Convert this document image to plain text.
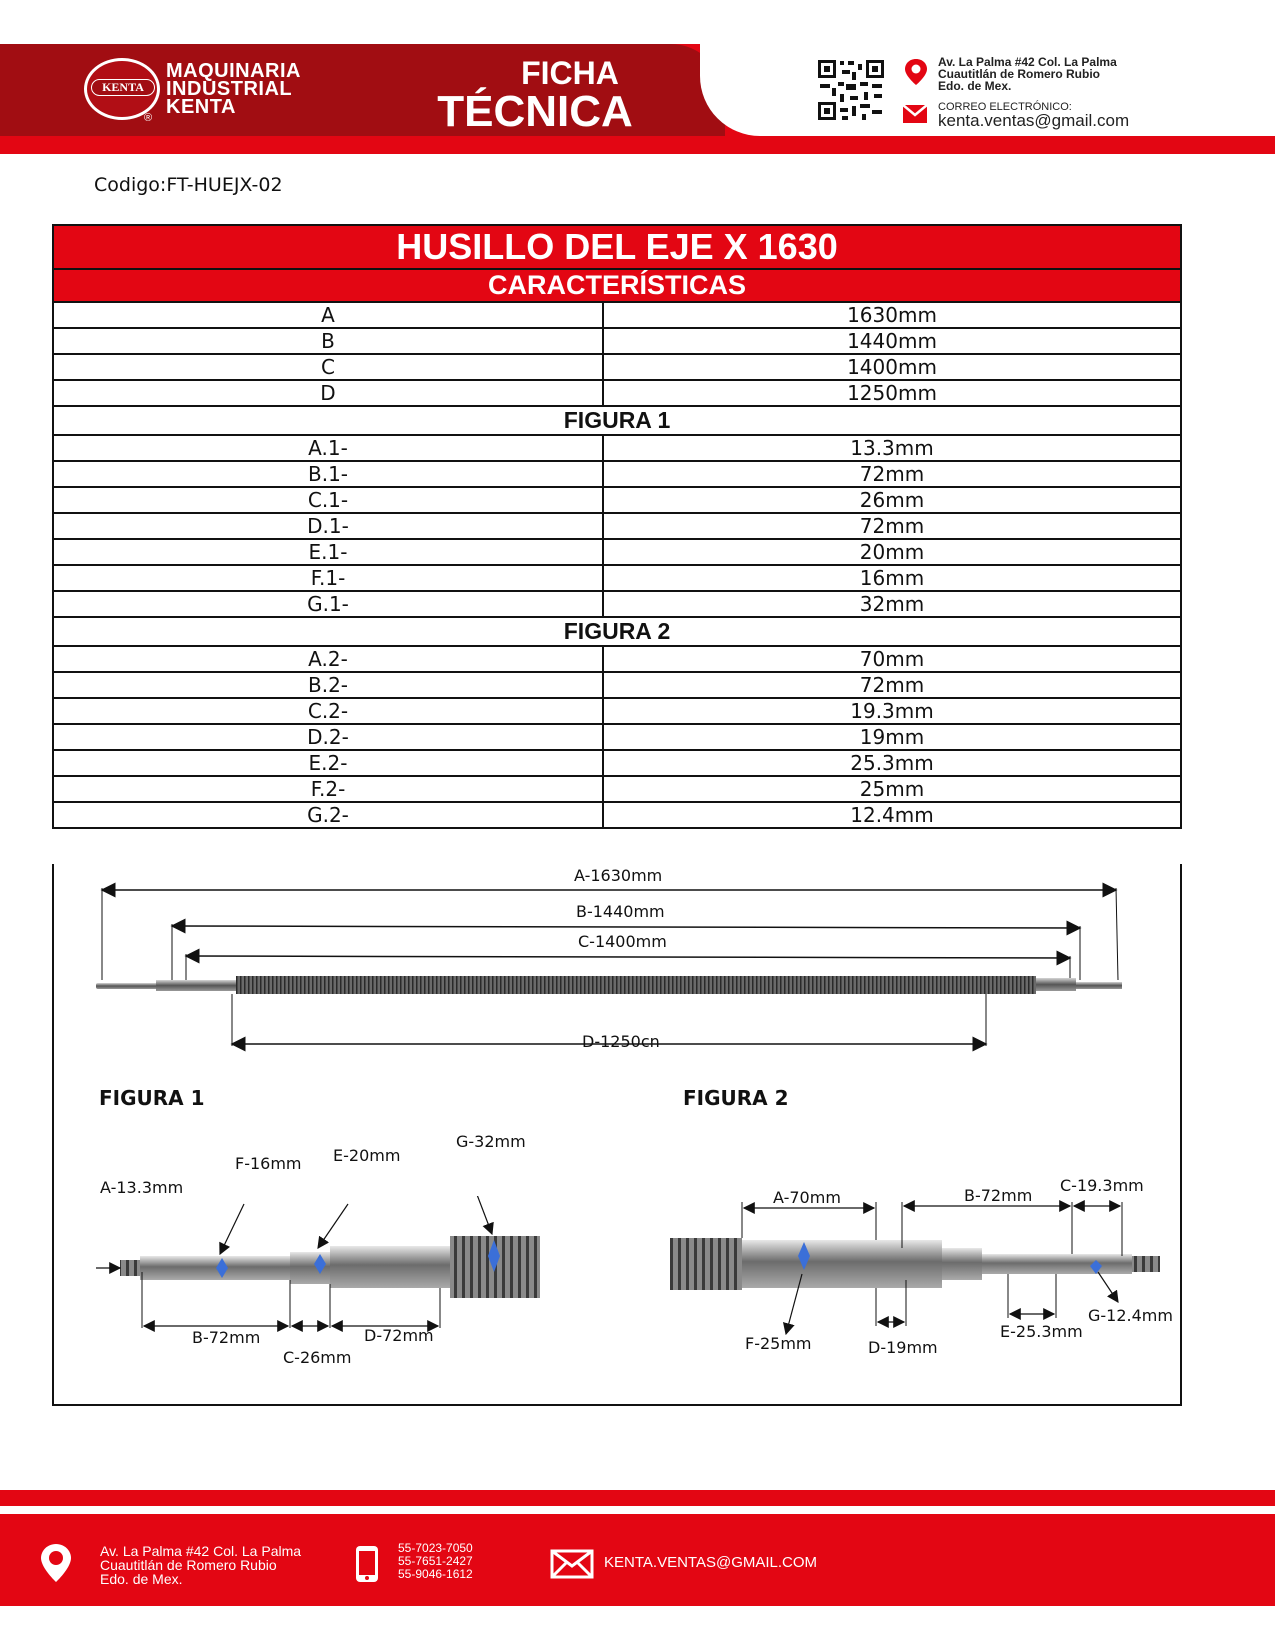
KENTA
®
MAQUINARIA
INDUSTRIAL
KENTA
FICHA
TÉCNICA
Av. La Palma #42 Col. La Palma
Cuautitlán de Romero Rubio
Edo. de Mex.
CORREO ELECTRÓNICO:
kenta.ventas@gmail.com
Codigo:FT-HUEJX-02
HUSILLO DEL EJE X 1630	
CARACTERÍSTICAS	
A	1630mm
B	1440mm
C	1400mm
D	1250mm
FIGURA 1	
A.1-	13.3mm
B.1-	72mm
C.1-	26mm
D.1-	72mm
E.1-	20mm
F.1-	16mm
G.1-	32mm
FIGURA 2	
A.2-	70mm
B.2-	72mm
C.2-	19.3mm
D.2-	19mm
E.2-	25.3mm
F.2-	25mm
G.2-	12.4mm
A-1630mm
B-1440mm
C-1400mm
D-1250cn
FIGURA 1
A-13.3mm
F-16mm E-20mm
G-32mm
B-72mm	D-72mm
C-26mm
FIGURA 2
A-70mm	B-72mm
C-19.3mm
G-12.4mm
E-25.3mm
F-25mm	D-19mm
Av. La Palma #42 Col. La Palma
Cuautitlán de Romero Rubio
Edo. de Mex.
55-7023-7050
55-7651-2427
55-9046-1612
KENTA.VENTAS@GMAIL.COM
